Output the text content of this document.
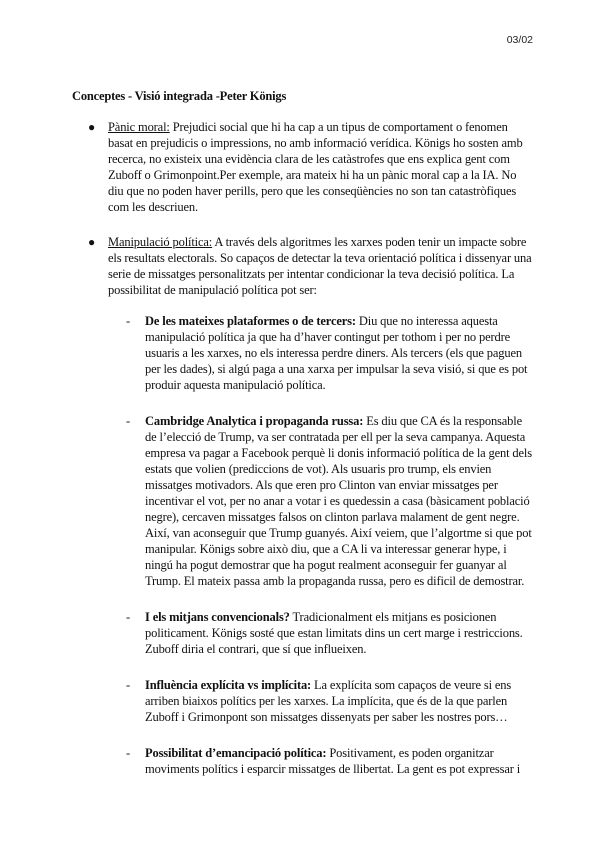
03/02
Conceptes - Visió integrada -Peter Königs
● Pànic moral: Prejudici social que hi ha cap a un tipus de comportament o fenomen basat en prejudicis o impressions, no amb informació verídica. Königs ho sosten amb recerca, no existeix una evidència clara de les catàstrofes que ens explica gent com Zuboff o Grimonpoint.Per exemple, ara mateix hi ha un pànic moral cap a la IA. No diu que no poden haver perills, pero que les conseqüències no son tan catastròfiques com les descriuen.
● Manipulació política: A través dels algoritmes les xarxes poden tenir un impacte sobre els resultats electorals. So capaços de detectar la teva orientació política i dissenyar una serie de missatges personalitzats per intentar condicionar la teva decisió política. La possibilitat de manipulació política pot ser:
- De les mateixes plataformes o de tercers: Diu que no interessa aquesta manipulació política ja que ha d’haver contingut per tothom i per no perdre usuaris a les xarxes, no els interessa perdre diners. Als tercers (els que paguen per les dades), si algú paga a una xarxa per impulsar la seva visió, si que es pot produir aquesta manipulació política.
- Cambridge Analytica i propaganda russa: Es diu que CA és la responsable de l’elecció de Trump, va ser contratada per ell per la seva campanya. Aquesta empresa va pagar a Facebook perquè li donis informació política de la gent dels estats que volien (prediccions de vot). Als usuaris pro trump, els envien missatges motivadors. Als que eren pro Clinton van enviar missatges per incentivar el vot, per no anar a votar i es quedessin a casa (bàsicament població negre), cercaven missatges falsos on clinton parlava malament de gent negre. Així, van aconseguir que Trump guanyés. Així veiem, que l’algortme si que pot manipular. Königs sobre això diu, que a CA li va interessar generar hype, i ningú ha pogut demostrar que ha pogut realment aconseguir fer guanyar al Trump. El mateix passa amb la propaganda russa, pero es dificil de demostrar.
- I els mitjans convencionals? Tradicionalment els mitjans es posicionen politicament. Königs sosté que estan limitats dins un cert marge i restriccions. Zuboff diria el contrari, que sí que influeixen.
- Influència explícita vs implícita: La explícita som capaços de veure si ens arriben biaixos polítics per les xarxes. La implícita, que és de la que parlen Zuboff i Grimonpont son missatges dissenyats per saber les nostres pors…
- Possibilitat d’emancipació política: Positivament, es poden organitzar moviments polítics i esparcir missatges de llibertat. La gent es pot expressar i
